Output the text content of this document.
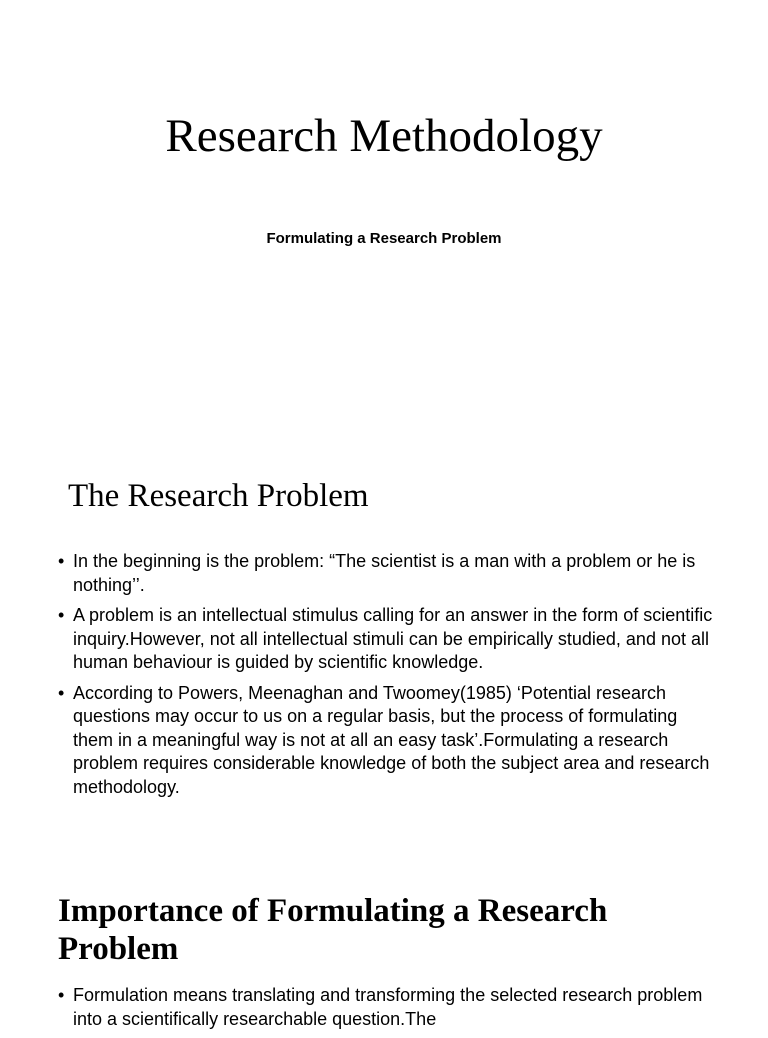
Research Methodology

Formulating a Research Problem

The Research Problem
• In the beginning is the problem: “The scientist is a man with a problem or he is nothing’’.
• A problem is an intellectual stimulus calling for an answer in the form of scientific inquiry.However, not all intellectual stimuli can be empirically studied, and not all human behaviour is guided by scientific knowledge.
• According to Powers, Meenaghan and Twoomey(1985) ‘Potential research questions may occur to us on a regular basis, but the process of formulating them in a meaningful way is not at all an easy task’.Formulating a research problem requires considerable knowledge of both the subject area and research methodology.
Importance of Formulating a Research Problem
• Formulation means translating and transforming the selected research problem into a scientifically researchable question.The
